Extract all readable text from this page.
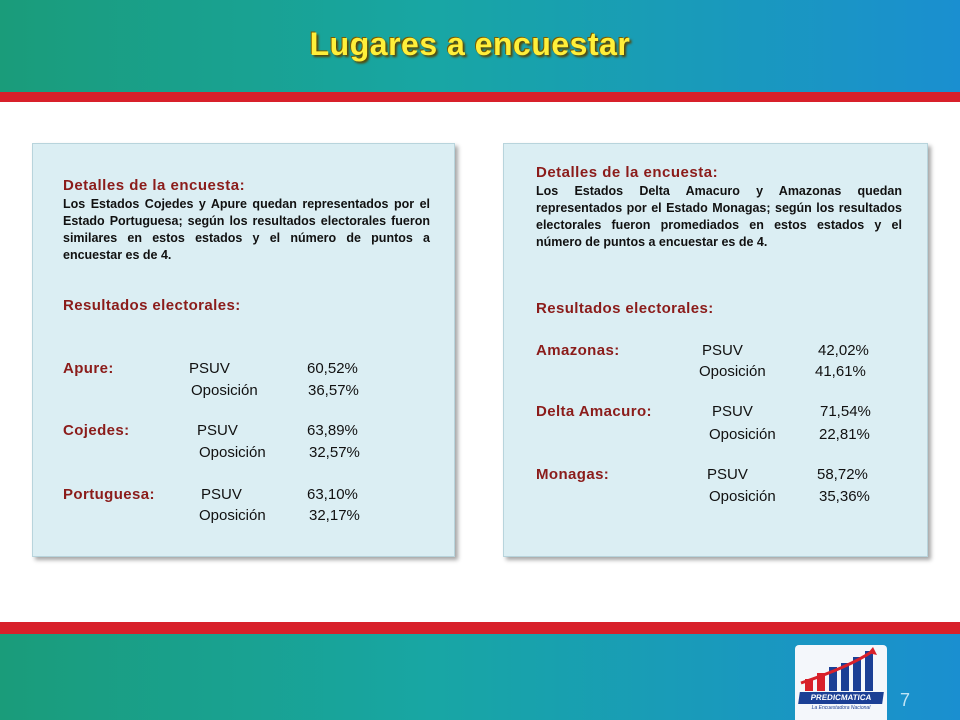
Lugares a encuestar
Detalles de la encuesta:
Los Estados Cojedes y Apure quedan representados por el Estado Portuguesa; según los resultados electorales fueron similares en estos estados y el número de puntos a encuestar es de 4.
Resultados electorales:
Apure:	PSUV	60,52%
Oposición	36,57%
Cojedes:	PSUV	63,89%
Oposición	32,57%
Portuguesa:	PSUV	63,10%
Oposición	32,17%
Detalles de la encuesta:
Los Estados Delta Amacuro y Amazonas quedan representados por el Estado Monagas; según los resultados electorales fueron promediados en estos estados y el número de puntos a encuestar es de 4.
Resultados electorales:
Amazonas:	PSUV	42,02%
Oposición	41,61%
Delta Amacuro:	PSUV	71,54%
Oposición	22,81%
Monagas:	PSUV	58,72%
Oposición	35,36%
PREDICMATICA
La Encuestadora Nacional	7
